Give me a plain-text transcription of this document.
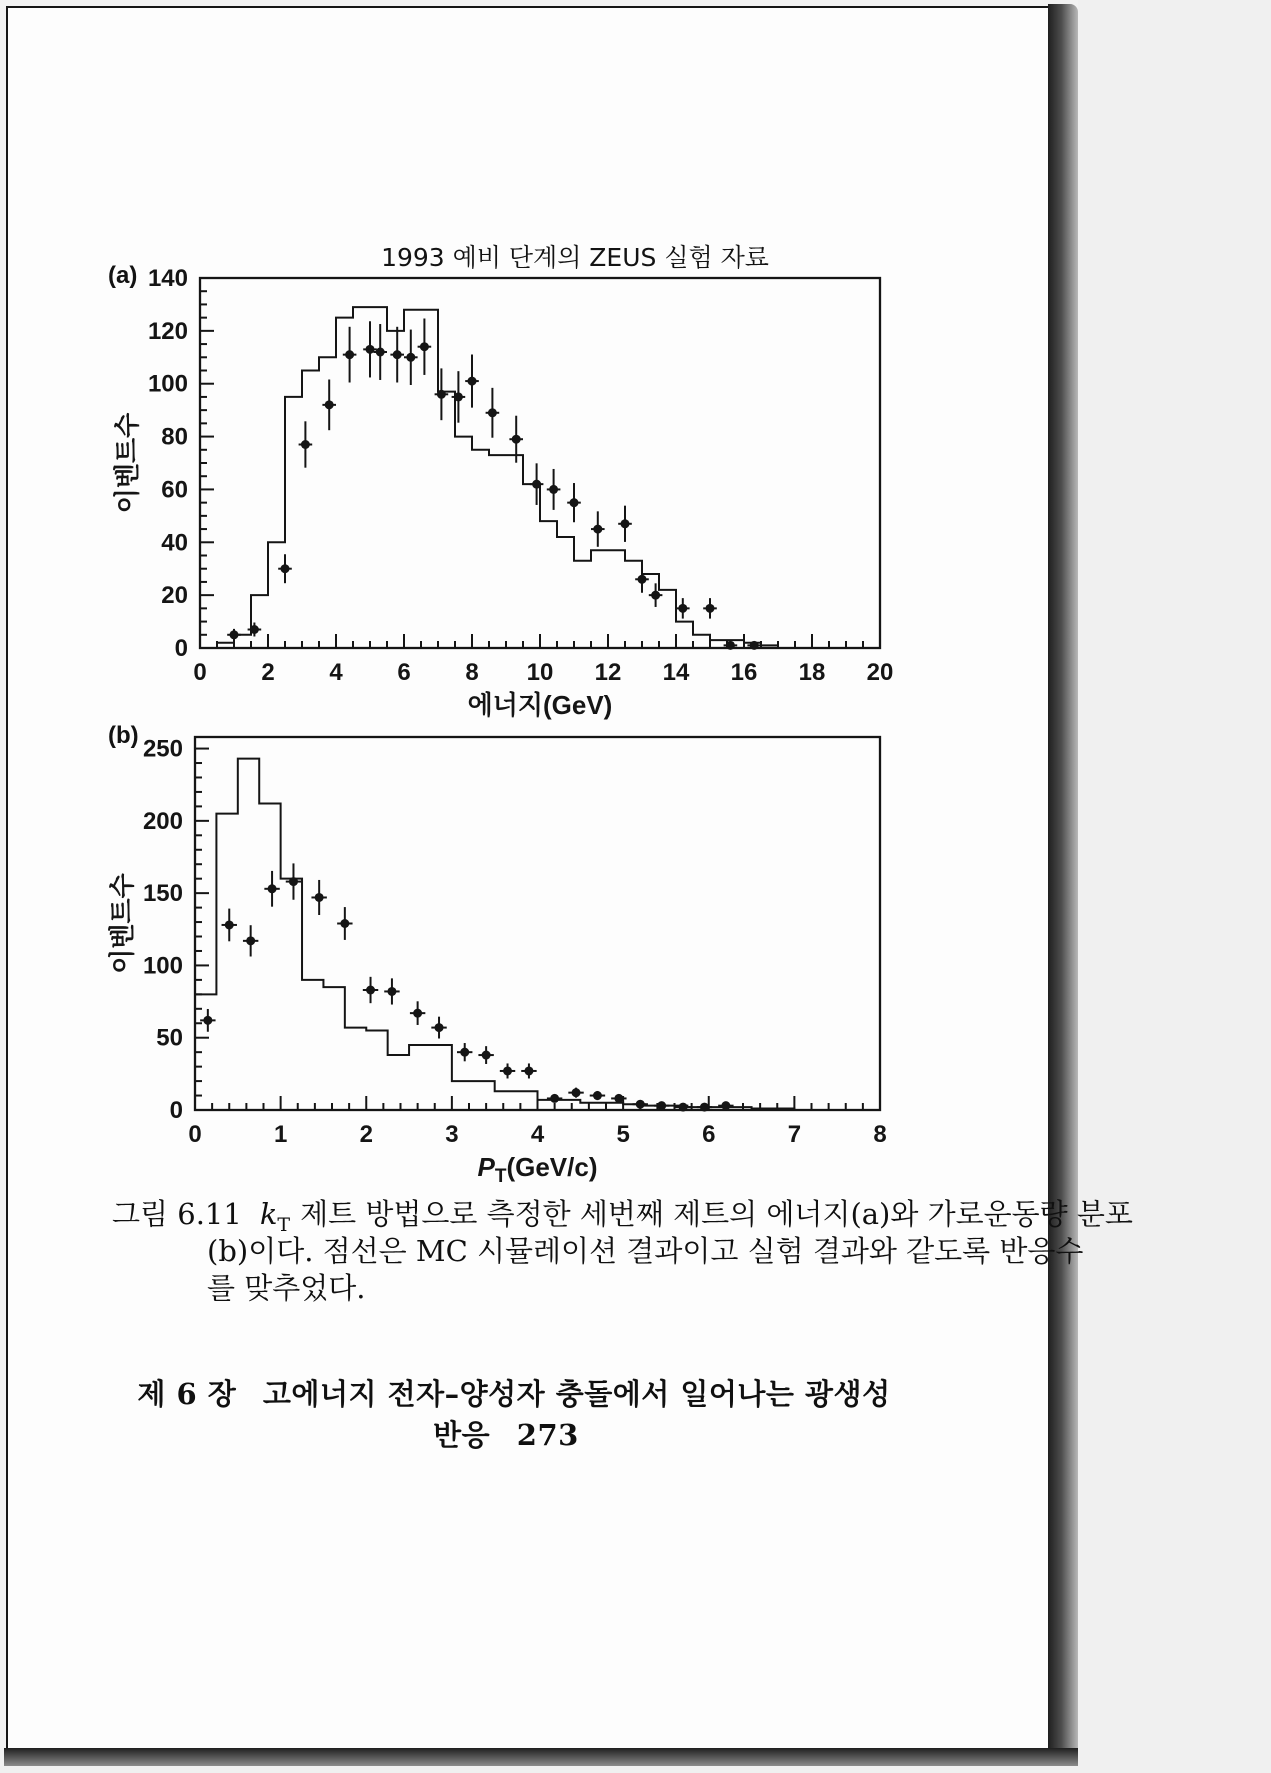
1993 예비 단계의 ZEUS 실험 자료
(a)
(b)
0 2 4 6 8 10 12 14 16 18 20
0
20
40
60
80
100
120
140
에너지(GeV)
이벤트수
0	1	2	3	4	5	6	7	8
0
50
100
150
200
250
$P_T(GeV/c)$
이벤트수
그림 6.11 $k_T$ 제트 방법으로 측정한 세번째 제트의 에너지(a)와 가로운동량 분포
(b)이다. 점선은 MC 시뮬레이션 결과이고 실험 결과와 같도록 반응수
를 맞추었다.
제 6 장 고에너지 전자–양성자 충돌에서 일어나는 광생성 반응 273
